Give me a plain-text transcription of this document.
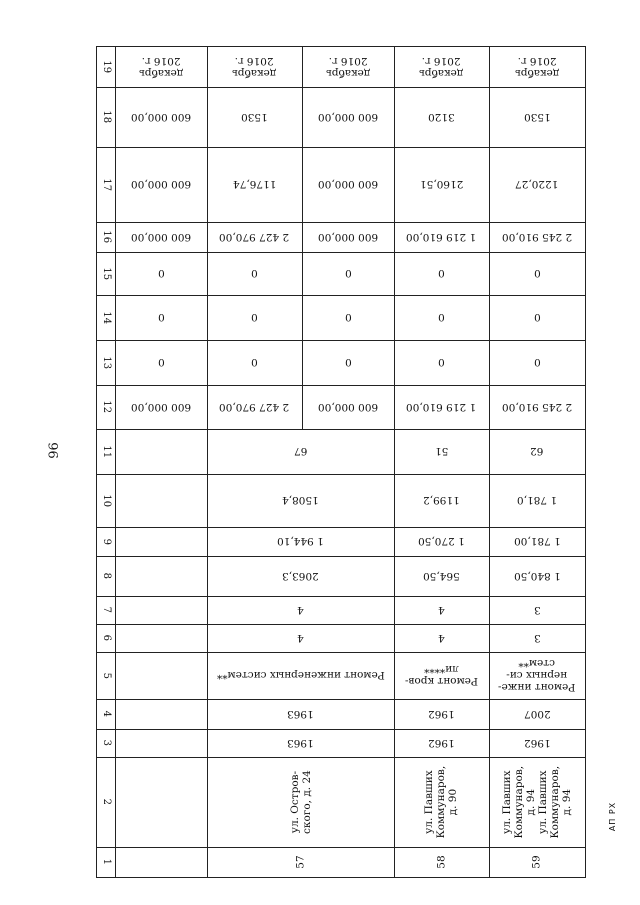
96
19
18
17
16
15
14
13
12
11
10
9
8
7
6
5
4
3
2
1
декабрь
2016 г.
600 000,00
600 000,00
600 000,00
0
0
0
600 000,00
декабрь
2016 г.
1530
1176,74
2 427 970,00
0
0
0
2 427 970,00
67
1508,4
1 944,10
2063,3
4
4
Ремонт инженерных систем**
1963
1963
ул. Остров-
ского, д. 24
57
декабрь
2016 г.
600 000,00
600 000,00
600 000,00
0
0
0
600 000,00
декабрь
2016 г.
3120
2160,51
1 219 610,00
0
0
0
1 219 610,00
51
1199,2
1 270,50
564,50
4
4
Ремонт кров-
ли****
1962
1962
ул. Павших
Коммунаров,
д. 90
58
декабрь
2016 г.
1530
1220,27
2 245 910,00
0
0
0
2 245 910,00
62
1 781,0
1 781,00
1 840,50
3
3
Ремонт инже-
нерных си-
стем**
2007
1962
ул. Павших
Коммунаров,
д. 94
ул. Павших
Коммунаров,
д. 94
59
АП РХ
